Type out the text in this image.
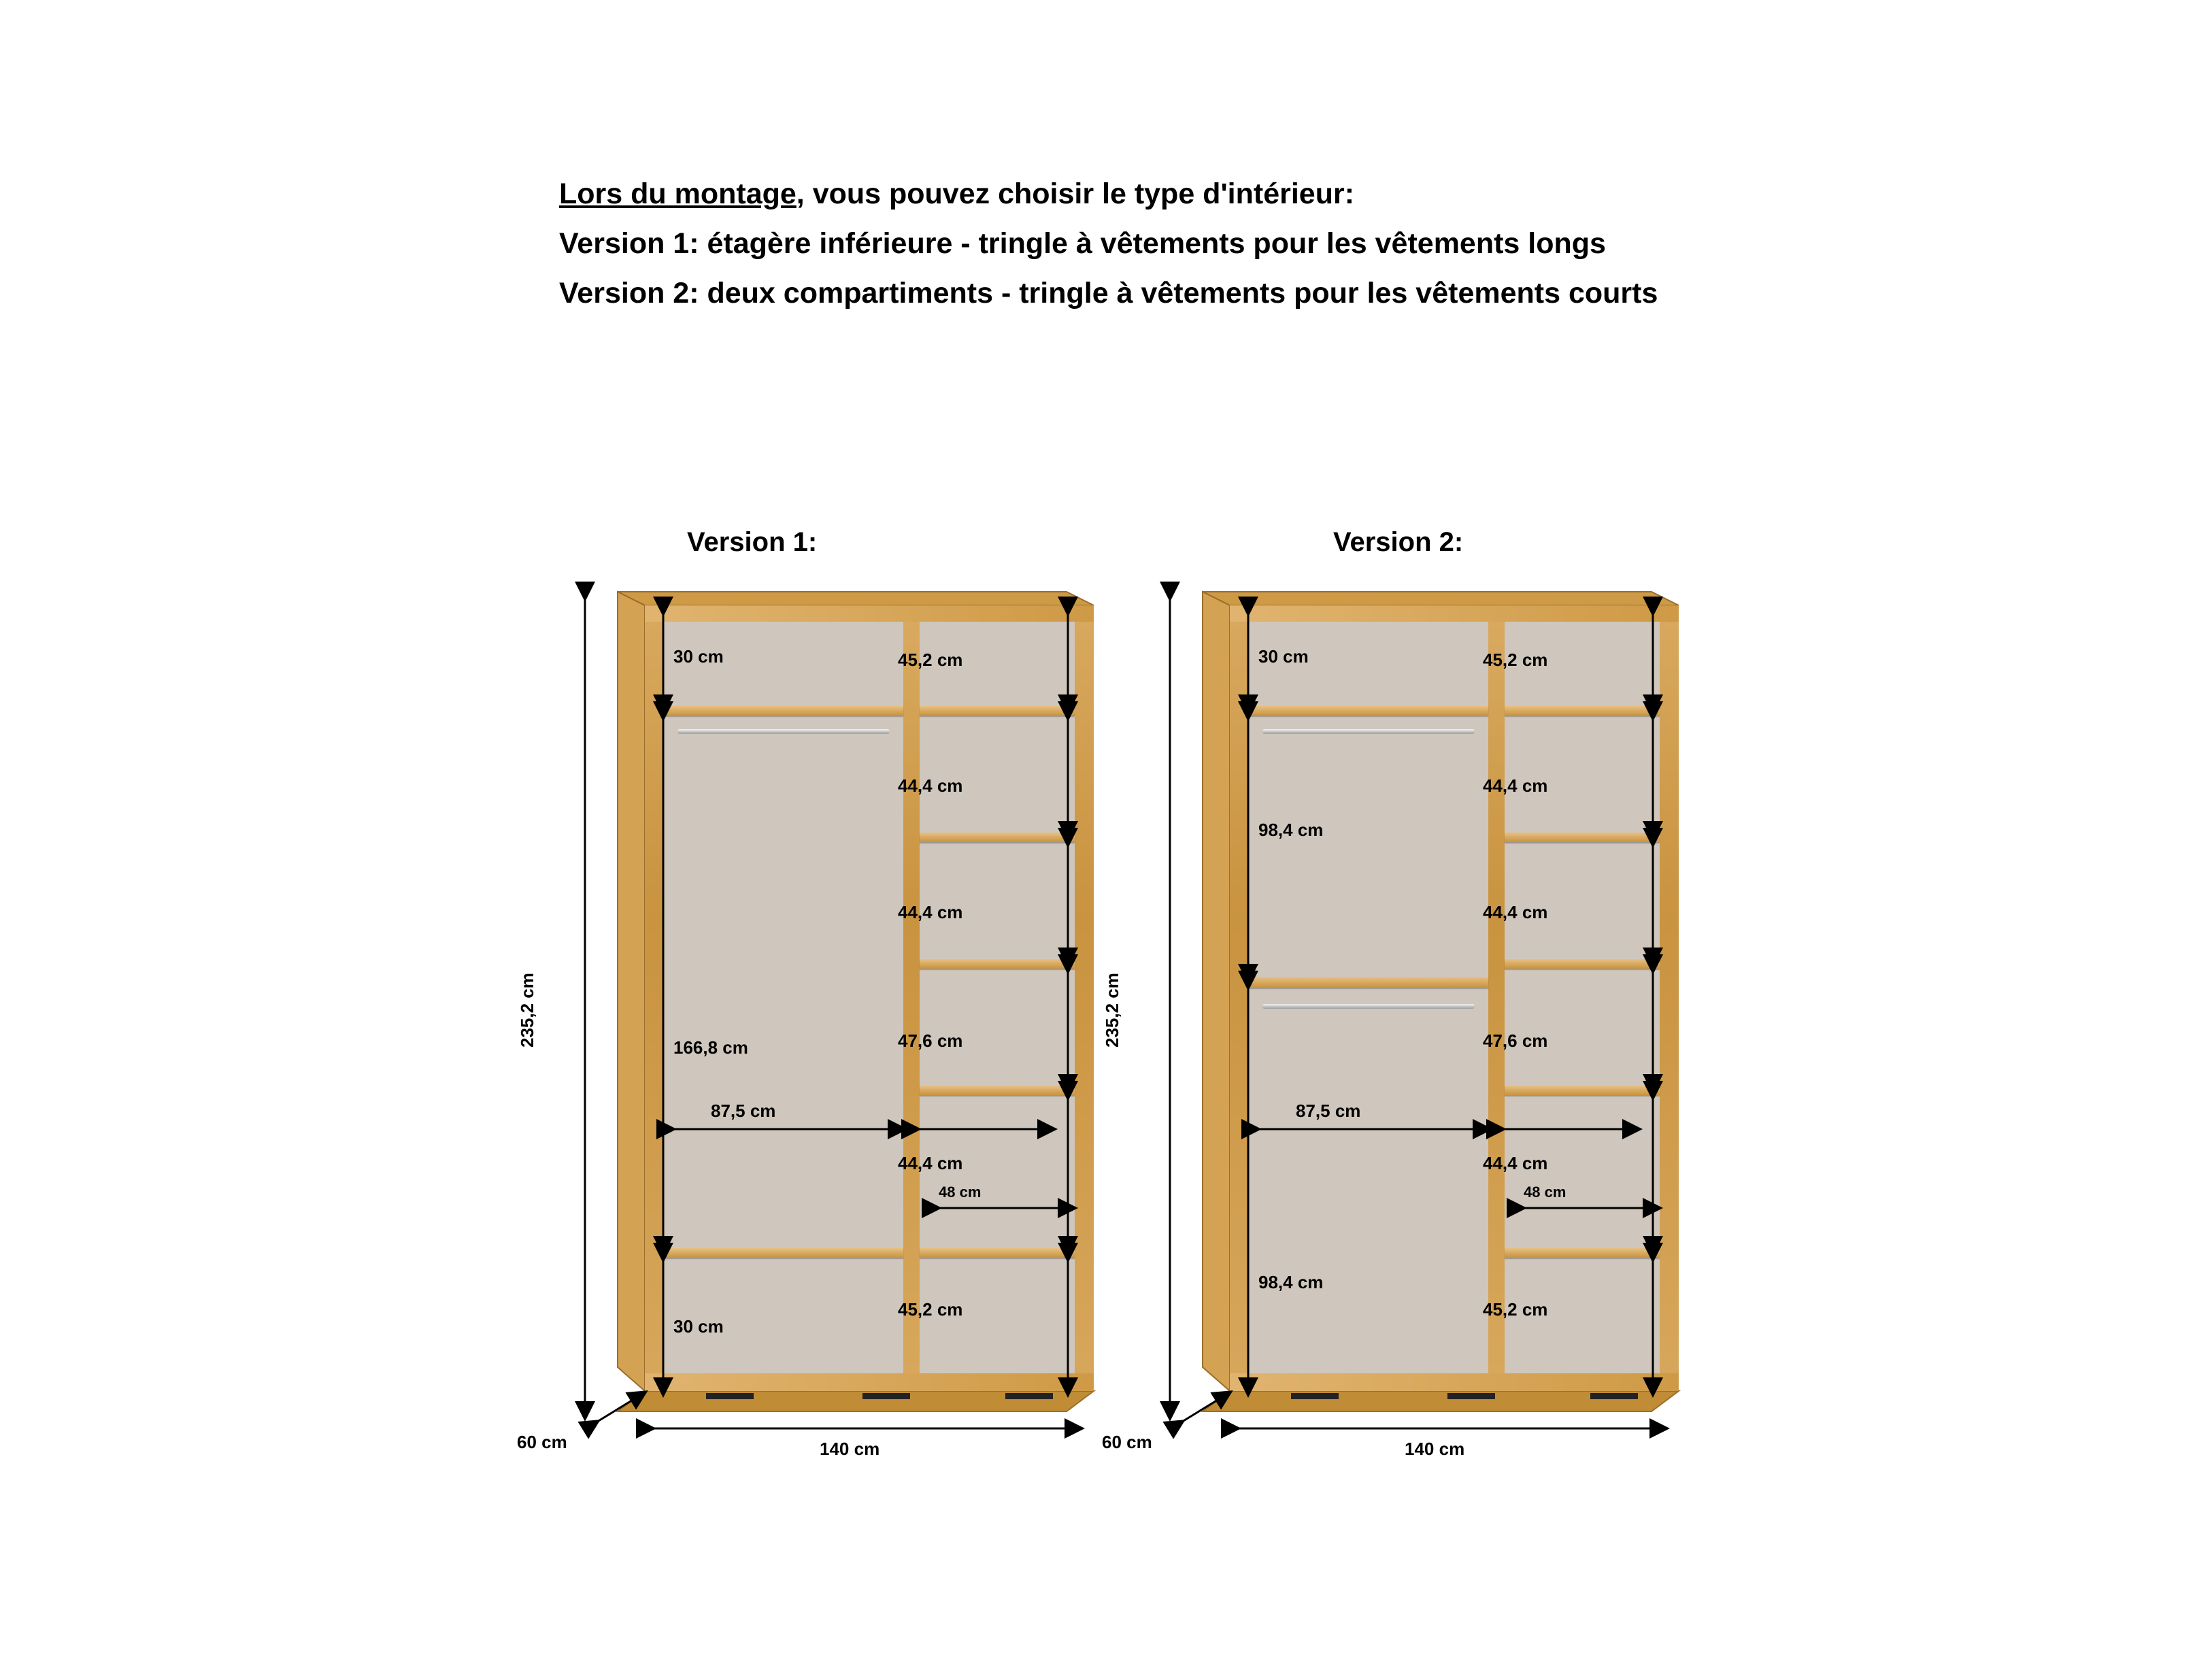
Lors du montage, vous pouvez choisir le type d'intérieur:

Version 1: étagère inférieure - tringle à vêtements pour les vêtements longs

Version 2: deux compartiments - tringle à vêtements pour les vêtements courts

Version 1:	Version 2:
235,2 cm
30 cm
166,8 cm
30 cm
87,5 cm
45,2 cm
44,4 cm
44,4 cm
47,6 cm
44,4 cm
48 cm
45,2 cm
60 cm	140 cm
235,2 cm
30 cm
98,4 cm
98,4 cm
87,5 cm
45,2 cm
44,4 cm
44,4 cm
47,6 cm
44,4 cm
48 cm
45,2 cm
60 cm	140 cm
